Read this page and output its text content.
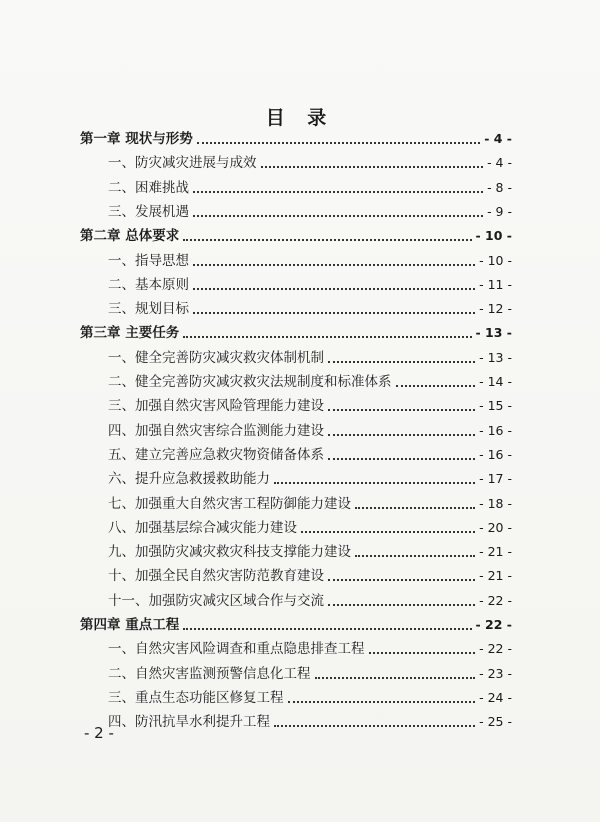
目 录
第一章 现状与形势	- 4 -
一、防灾减灾进展与成效	- 4 -
二、困难挑战	- 8 -
三、发展机遇	- 9 -
第二章 总体要求	- 10 -
一、指导思想	- 10 -
二、基本原则	- 11 -
三、规划目标	- 12 -
第三章 主要任务	- 13 -
一、健全完善防灾减灾救灾体制机制	- 13 -
二、健全完善防灾减灾救灾法规制度和标准体系	- 14 -
三、加强自然灾害风险管理能力建设	- 15 -
四、加强自然灾害综合监测能力建设	- 16 -
五、建立完善应急救灾物资储备体系	- 16 -
六、提升应急救援救助能力	- 17 -
七、加强重大自然灾害工程防御能力建设	- 18 -
八、加强基层综合减灾能力建设	- 20 -
九、加强防灾减灾救灾科技支撑能力建设	- 21 -
十、加强全民自然灾害防范教育建设	- 21 -
十一、加强防灾减灾区域合作与交流	- 22 -
第四章 重点工程	- 22 -
一、自然灾害风险调查和重点隐患排查工程	- 22 -
二、自然灾害监测预警信息化工程	- 23 -
三、重点生态功能区修复工程	- 24 -
四、防汛抗旱水利提升工程	- 25 -
- 2 -
